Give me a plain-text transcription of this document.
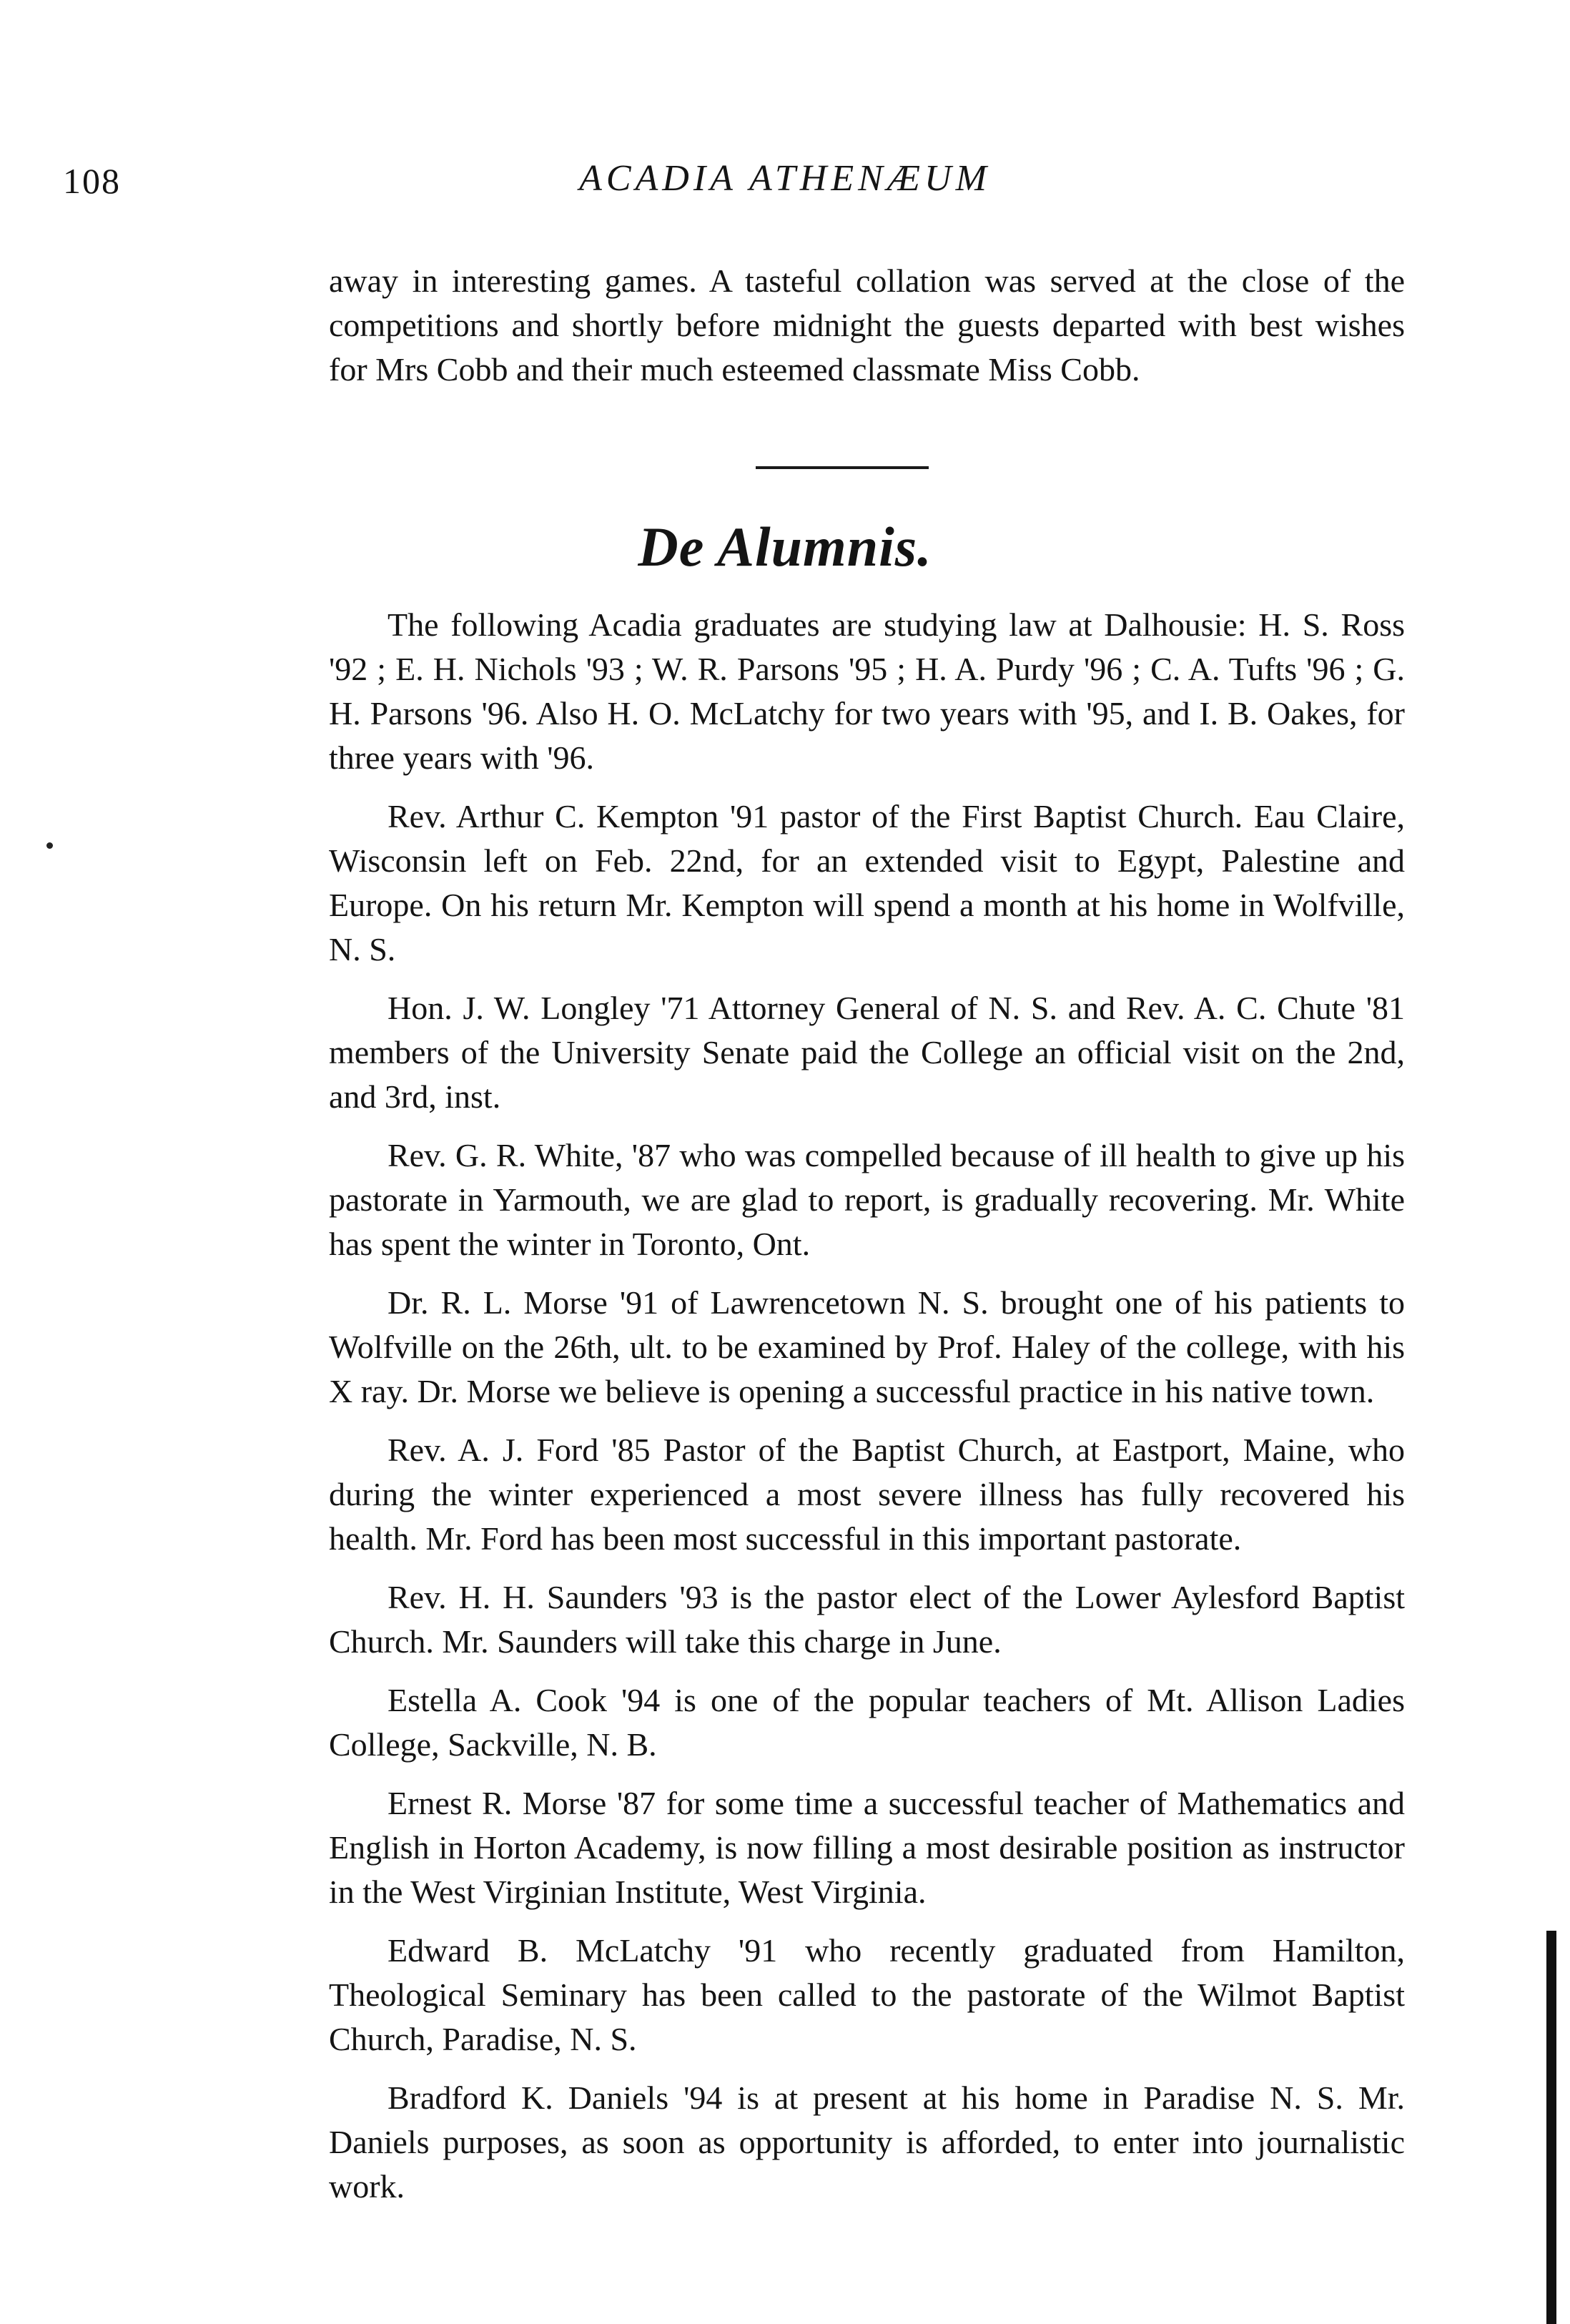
108	ACADIA ATHENÆUM

away in interesting games. A tasteful collation was served at the close of the competitions and shortly before midnight the guests departed with best wishes for Mrs Cobb and their much esteemed classmate Miss Cobb.

De Alumnis.

The following Acadia graduates are studying law at Dalhousie: H. S. Ross '92 ; E. H. Nichols '93 ; W. R. Parsons '95 ; H. A. Purdy '96 ; C. A. Tufts '96 ; G. H. Parsons '96. Also H. O. McLatchy for two years with '95, and I. B. Oakes, for three years with '96.

Rev. Arthur C. Kempton '91 pastor of the First Baptist Church. Eau Claire, Wisconsin left on Feb. 22nd, for an extended visit to Egypt, Palestine and Europe. On his return Mr. Kempton will spend a month at his home in Wolfville, N. S.

Hon. J. W. Longley '71 Attorney General of N. S. and Rev. A. C. Chute '81 members of the University Senate paid the College an official visit on the 2nd, and 3rd, inst.

Rev. G. R. White, '87 who was compelled because of ill health to give up his pastorate in Yarmouth, we are glad to report, is gradually recovering. Mr. White has spent the winter in Toronto, Ont.

Dr. R. L. Morse '91 of Lawrencetown N. S. brought one of his patients to Wolfville on the 26th, ult. to be examined by Prof. Haley of the college, with his X ray. Dr. Morse we believe is opening a successful practice in his native town.

Rev. A. J. Ford '85 Pastor of the Baptist Church, at Eastport, Maine, who during the winter experienced a most severe illness has fully recovered his health. Mr. Ford has been most successful in this important pastorate.

Rev. H. H. Saunders '93 is the pastor elect of the Lower Aylesford Baptist Church. Mr. Saunders will take this charge in June.

Estella A. Cook '94 is one of the popular teachers of Mt. Allison Ladies College, Sackville, N. B.

Ernest R. Morse '87 for some time a successful teacher of Mathematics and English in Horton Academy, is now filling a most desirable position as instructor in the West Virginian Institute, West Virginia.

Edward B. McLatchy '91 who recently graduated from Hamilton, Theological Seminary has been called to the pastorate of the Wilmot Baptist Church, Paradise, N. S.

Bradford K. Daniels '94 is at present at his home in Paradise N. S. Mr. Daniels purposes, as soon as opportunity is afforded, to enter into journalistic work.
